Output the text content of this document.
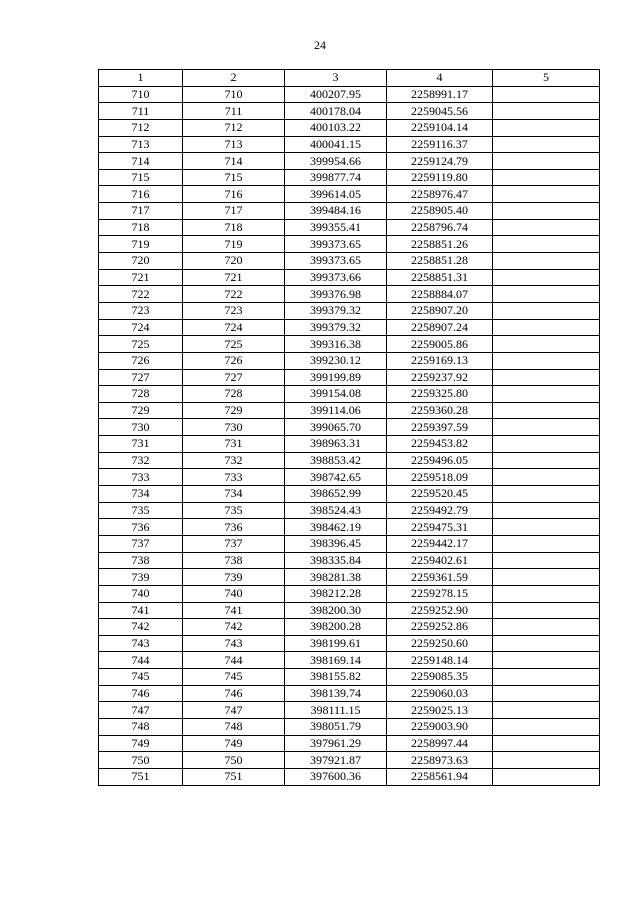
24
1	2	3	4	5
710	710	400207.95	2258991.17	
711	711	400178.04	2259045.56	
712	712	400103.22	2259104.14	
713	713	400041.15	2259116.37	
714	714	399954.66	2259124.79	
715	715	399877.74	2259119.80	
716	716	399614.05	2258976.47	
717	717	399484.16	2258905.40	
718	718	399355.41	2258796.74	
719	719	399373.65	2258851.26	
720	720	399373.65	2258851.28	
721	721	399373.66	2258851.31	
722	722	399376.98	2258884.07	
723	723	399379.32	2258907.20	
724	724	399379.32	2258907.24	
725	725	399316.38	2259005.86	
726	726	399230.12	2259169.13	
727	727	399199.89	2259237.92	
728	728	399154.08	2259325.80	
729	729	399114.06	2259360.28	
730	730	399065.70	2259397.59	
731	731	398963.31	2259453.82	
732	732	398853.42	2259496.05	
733	733	398742.65	2259518.09	
734	734	398652.99	2259520.45	
735	735	398524.43	2259492.79	
736	736	398462.19	2259475.31	
737	737	398396.45	2259442.17	
738	738	398335.84	2259402.61	
739	739	398281.38	2259361.59	
740	740	398212.28	2259278.15	
741	741	398200.30	2259252.90	
742	742	398200.28	2259252.86	
743	743	398199.61	2259250.60	
744	744	398169.14	2259148.14	
745	745	398155.82	2259085.35	
746	746	398139.74	2259060.03	
747	747	398111.15	2259025.13	
748	748	398051.79	2259003.90	
749	749	397961.29	2258997.44	
750	750	397921.87	2258973.63	
751	751	397600.36	2258561.94	
